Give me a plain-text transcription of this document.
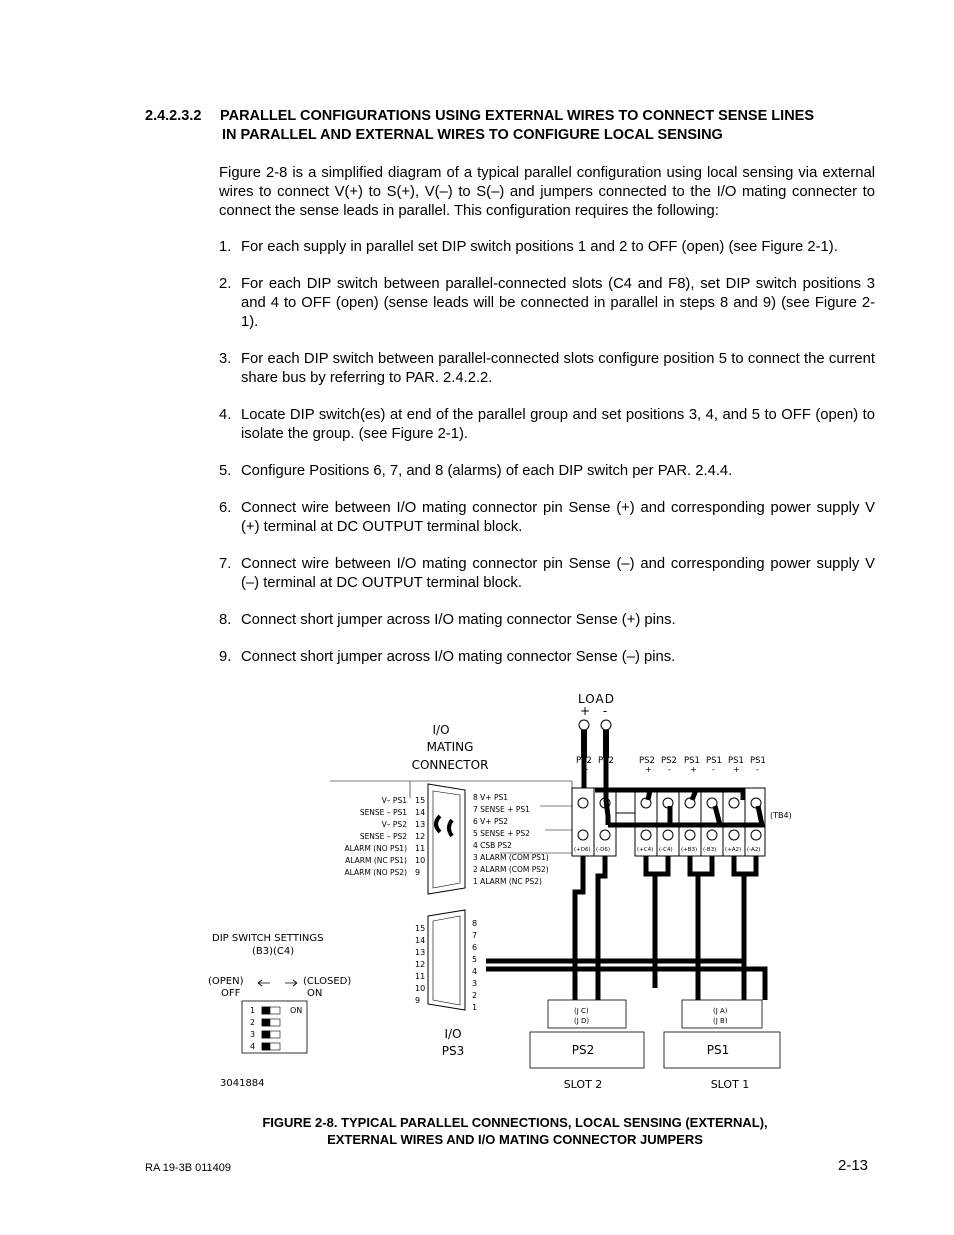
2.4.2.3.2 PARALLEL CONFIGURATIONS USING EXTERNAL WIRES TO CONNECT SENSE LINES
IN PARALLEL AND EXTERNAL WIRES TO CONFIGURE LOCAL SENSING
Figure 2-8 is a simplified diagram of a typical parallel configuration using local sensing via external wires to connect V(+) to S(+), V(–) to S(–) and jumpers connected to the I/O mating connecter to connect the sense leads in parallel. This configuration requires the following:
1. For each supply in parallel set DIP switch positions 1 and 2 to OFF (open) (see Figure 2-1).
2. For each DIP switch between parallel-connected slots (C4 and F8), set DIP switch positions 3 and 4 to OFF (open) (sense leads will be connected in parallel in steps 8 and 9) (see Figure 2-1).
3. For each DIP switch between parallel-connected slots configure position 5 to connect the current share bus by referring to PAR. 2.4.2.2.
4. Locate DIP switch(es) at end of the parallel group and set positions 3, 4, and 5 to OFF (open) to isolate the group. (see Figure 2-1).
5. Configure Positions 6, 7, and 8 (alarms) of each DIP switch per PAR. 2.4.4.
6. Connect wire between I/O mating connector pin Sense (+) and corresponding power supply V (+) terminal at DC OUTPUT terminal block.
7. Connect wire between I/O mating connector pin Sense (–) and corresponding power supply V (–) terminal at DC OUTPUT terminal block.
8. Connect short jumper across I/O mating connector Sense (+) pins.
9. Connect short jumper across I/O mating connector Sense (–) pins.
LOAD
+ -
I/O
MATING
CONNECTOR	PS2 PS2	PS2 PS2 PS1 PS1 PS1 PS1
+ -	+ - + - + -
(TB4)
(+D6) (-D6)	(+C4) (-C4) (+B3) (-B3) (+A2) (-A2)
V– PS1
SENSE – PS1
V– PS2
SENSE – PS2
ALARM (NO PS1)
ALARM (NC PS1)
ALARM (NO PS2)
15
14
13
12
11
10
9
8 V+ PS1
7 SENSE + PS1
6 V+ PS2
5 SENSE + PS2
4 CSB PS2
3 ALARM (COM PS1)
2 ALARM (COM PS2)
1 ALARM (NC PS2)
15
14
13
12
11
10
9
8
7
6
5
4
3
2
1
I/O
PS3
DIP SWITCH SETTINGS
(B3)(C4)
(OPEN)
OFF
(CLOSED)
ON
1
2
3
4
ON
3041884
(J C)
(J D)
PS2
SLOT 2
(J A)
(J B)
PS1
SLOT 1
FIGURE 2-8. TYPICAL PARALLEL CONNECTIONS, LOCAL SENSING (EXTERNAL),
EXTERNAL WIRES AND I/O MATING CONNECTOR JUMPERS
RA 19-3B 011409	2-13
